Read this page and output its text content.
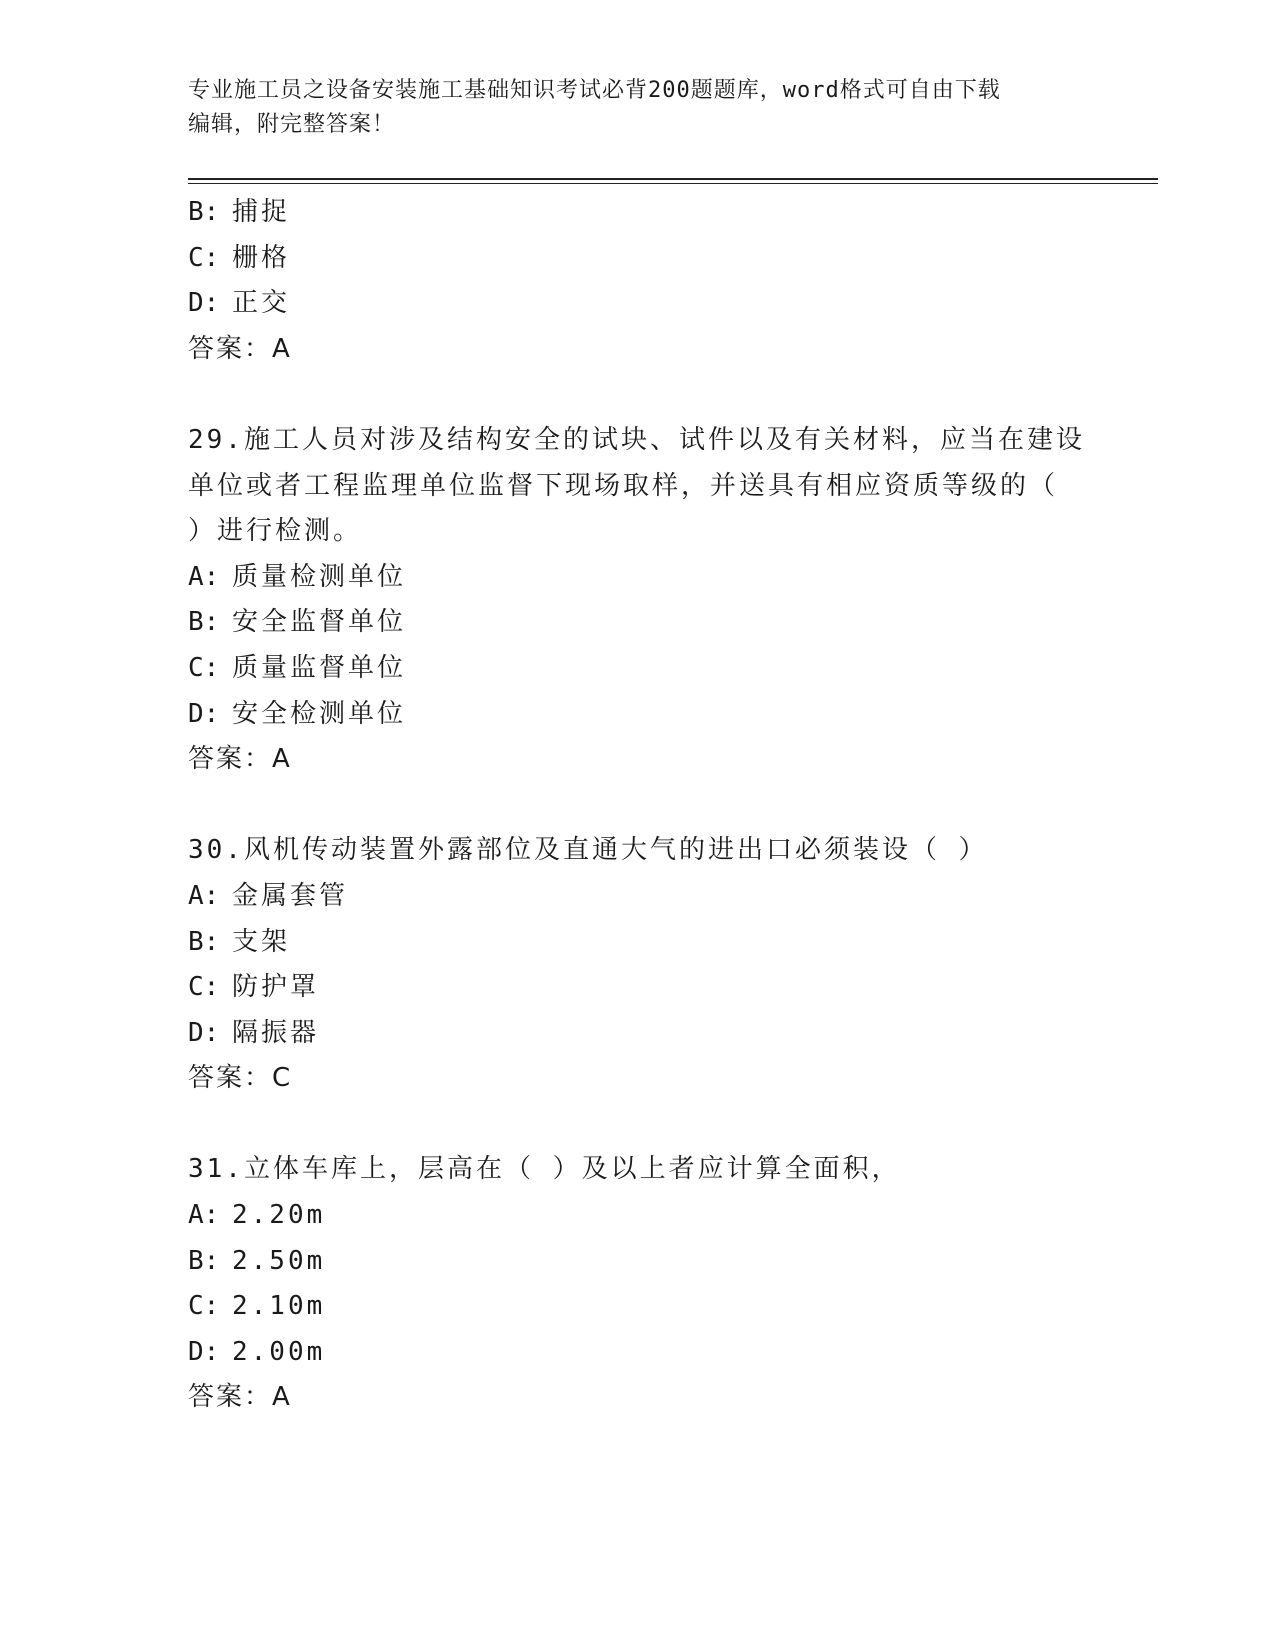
专业施工员之设备安装施工基础知识考试必背200题题库，word格式可自由下载
编辑，附完整答案！
B: 捕捉
C: 栅格
D: 正交
答案：A
29.施工人员对涉及结构安全的试块、试件以及有关材料，应当在建设
单位或者工程监理单位监督下现场取样，并送具有相应资质等级的（
）进行检测。
A: 质量检测单位
B: 安全监督单位
C: 质量监督单位
D: 安全检测单位
答案：A
30.风机传动装置外露部位及直通大气的进出口必须装设（ ）
A: 金属套管
B: 支架
C: 防护罩
D: 隔振器
答案：C
31.立体车库上，层高在（ ）及以上者应计算全面积，
A: 2.20m
B: 2.50m
C: 2.10m
D: 2.00m
答案：A
